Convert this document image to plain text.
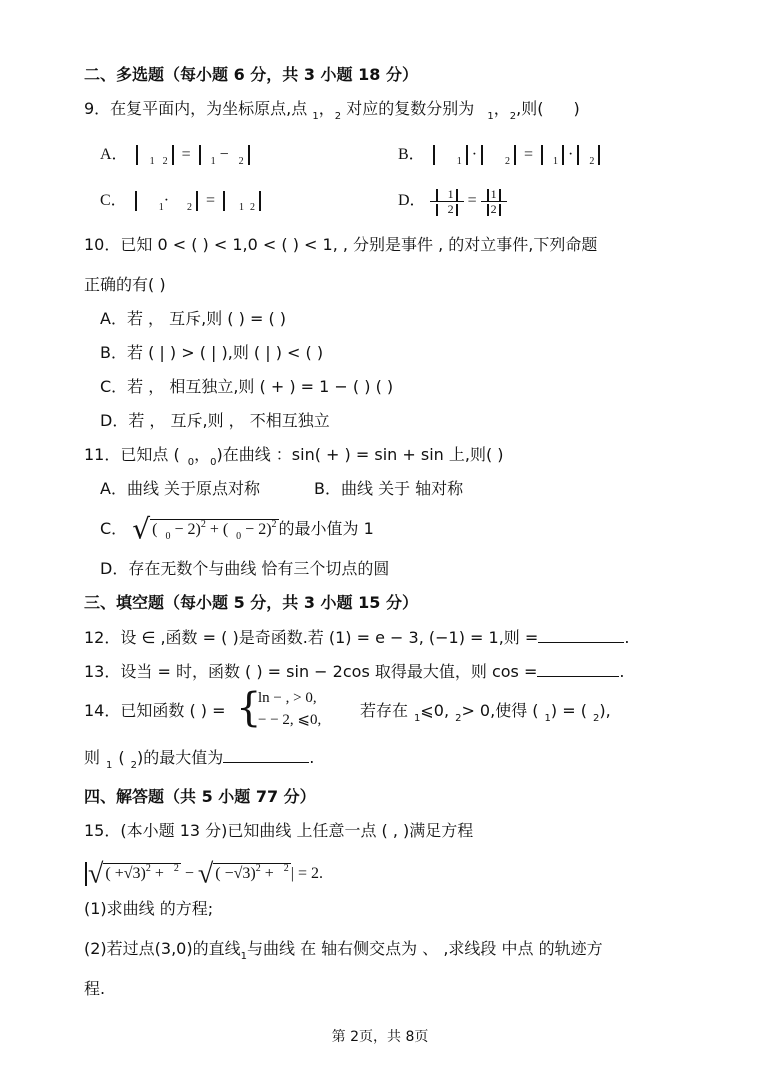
二、多选题（每小题 6 分，共 3 小题 18 分）
9．在复平面内，为坐标原点,点 $_1$，$_2$ 对应的复数分别为 $_1$，$_2$,则( )
A． $_1$ $_2$ = $_1$ − $_2$	B．	$_1$ ·	$_2$ = $_1$ · $_2$
C．	$_1$· $_2$ = $_1$ $_2$	D． $\frac{1}{2} = \frac{1}{2}$
10．已知 0 < ( ) < 1,0 < ( ) < 1, , 分别是事件 , 的对立事件,下列命题
正确的有( )
A．若 ， 互斥,则 ( ) = ( )
B．若 ( | ) > ( | ),则 ( | ) < ( )
C．若 ， 相互独立,则 ( + ) = 1 − ( ) ( )
D．若 ， 互斥,则 ， 不相互独立
11．已知点 ( $_0$，$_0$)在曲线 ：sin( + ) = sin + sin 上,则( )
A．曲线 关于原点对称	B．曲线 关于 轴对称
C． √ ( $_0$ − 2)$^2$ + ( $_0$ − 2)$^2$ 的最小值为 1
D．存在无数个与曲线 恰有三个切点的圆
三、填空题（每小题 5 分，共 3 小题 15 分）
12．设 ∈ ,函数 = ( )是奇函数.若 (1) = e − 3, (−1) = 1,则 =	.
13．设当 = 时，函数 ( ) = sin − 2cos 取得最大值，则 cos =	.
14．已知函数 ( ) = {
ln − , > 0,
− − 2, ⩽0, 若存在 $_1$⩽0, $_2$> 0,使得 ( $_1$) = ( $_2$),
则 $_1$ ( $_2$)的最大值为	.
四、解答题（共 5 小题 77 分）
15．(本小题 13 分)已知曲线 上任意一点 ( , )满足方程
√ ( +√3)$^2$ + $^2$ − √ ( −√3)$^2$ + $^2$ | = 2.
(1)求曲线 的方程;
(2)若过点(3,0)的直线$_1$与曲线 在 轴右侧交点为 、 ,求线段 中点 的轨迹方
程.
第 2页，共 8页
